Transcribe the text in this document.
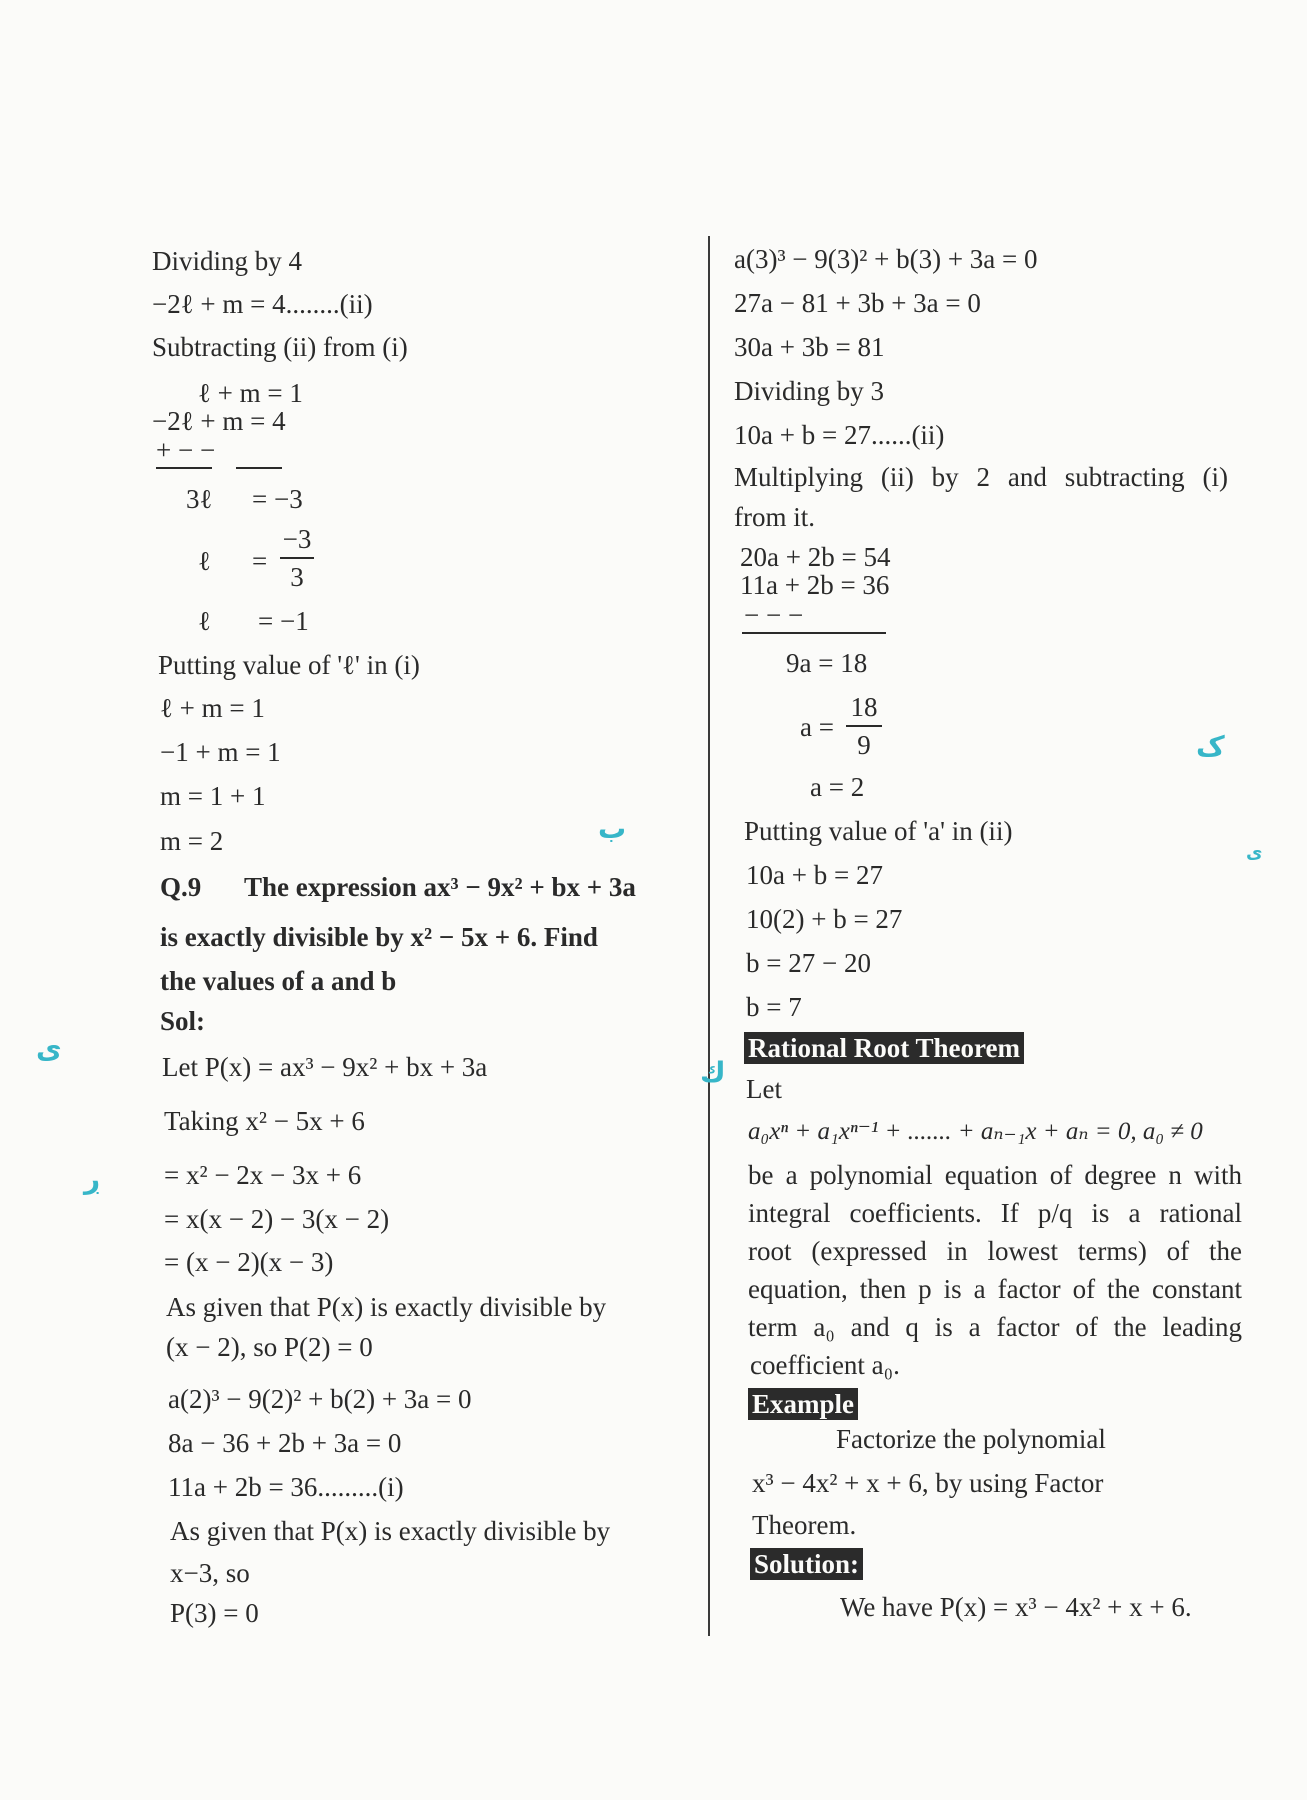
Dividing by 4
−2ℓ + m = 4........(ii)
Subtracting (ii) from (i)
ℓ + m = 1
−2ℓ + m = 4
+ − −
3ℓ = −3
ℓ =
−3
3
ℓ = −1
Putting value of 'ℓ' in (i)
ℓ + m = 1
−1 + m = 1
m = 1 + 1
m = 2
Q.9 The expression ax³ − 9x² + bx + 3a
is exactly divisible by x² − 5x + 6. Find
the values of a and b
Sol:
Let P(x) = ax³ − 9x² + bx + 3a
Taking x² − 5x + 6
= x² − 2x − 3x + 6
= x(x − 2) − 3(x − 2)
= (x − 2)(x − 3)
As given that P(x) is exactly divisible by
(x − 2), so P(2) = 0
a(2)³ − 9(2)² + b(2) + 3a = 0
8a − 36 + 2b + 3a = 0
11a + 2b = 36.........(i)
As given that P(x) is exactly divisible by
x−3, so
P(3) = 0
a(3)³ − 9(3)² + b(3) + 3a = 0
27a − 81 + 3b + 3a = 0
30a + 3b = 81
Dividing by 3
10a + b = 27......(ii)
Multiplying (ii) by 2 and subtracting (i)
from it.
20a + 2b = 54
11a + 2b = 36
− − −
9a = 18
a =
18
9
a = 2
Putting value of 'a' in (ii)
10a + b = 27
10(2) + b = 27
b = 27 − 20
b = 7
Rational Root Theorem
Let
a₀xⁿ + a₁xⁿ⁻¹ + ....... + aₙ₋₁x + aₙ = 0, a₀ ≠ 0
be a polynomial equation of degree n with
integral coefficients. If p/q is a rational
root (expressed in lowest terms) of the
equation, then p is a factor of the constant
term a₀ and q is a factor of the leading
coefficient a₀.
Example
Factorize the polynomial
x³ − 4x² + x + 6, by using Factor
Theorem.
Solution:
We have P(x) = x³ − 4x² + x + 6.
ب
ى
ڔ
ك
ک
ى
